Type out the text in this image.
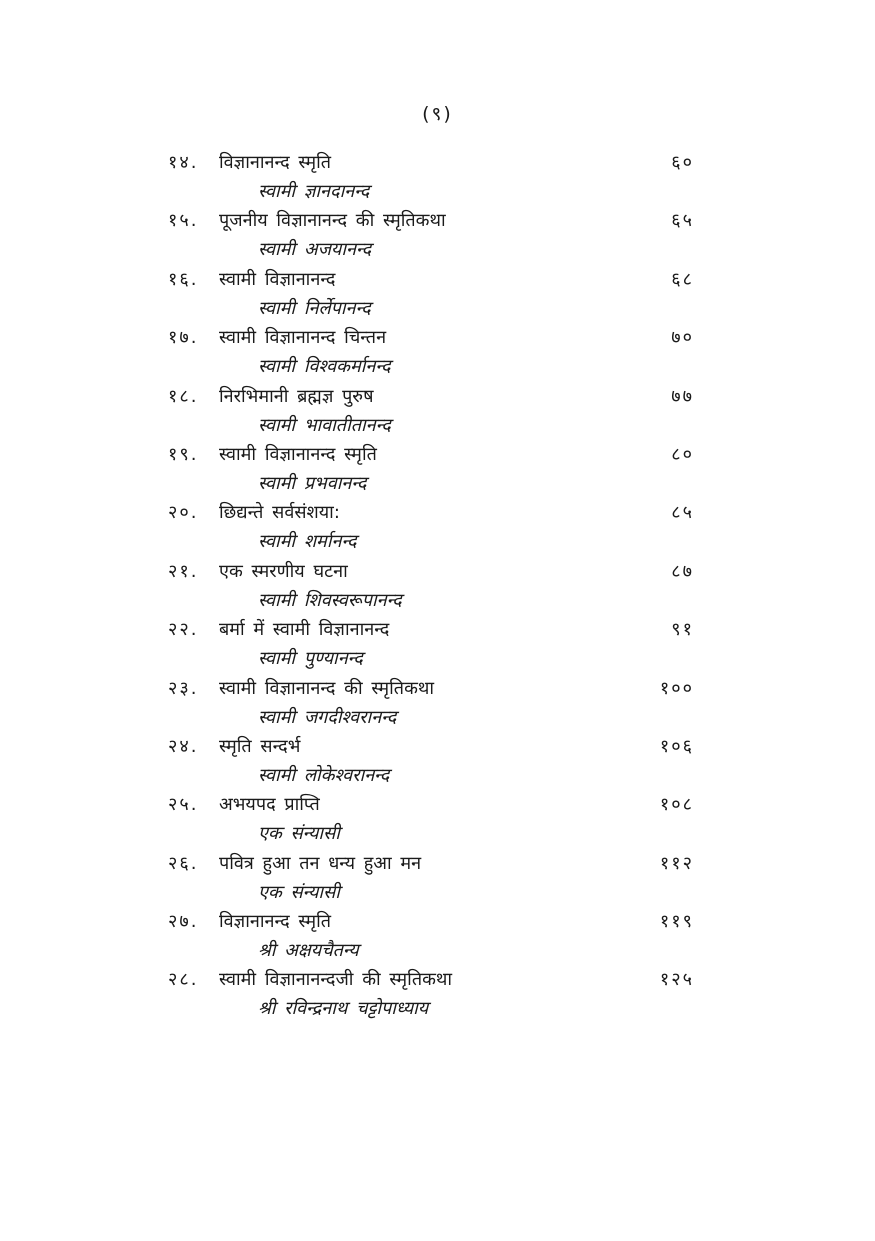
(९)
१४. विज्ञानानन्द स्मृति	६०
स्वामी ज्ञानदानन्द
१५. पूजनीय विज्ञानानन्द की स्मृतिकथा	६५
स्वामी अजयानन्द
१६. स्वामी विज्ञानानन्द	६८
स्वामी निर्लेपानन्द
१७. स्वामी विज्ञानानन्द चिन्तन	७०
स्वामी विश्वकर्मानन्द
१८. निरभिमानी ब्रह्मज्ञ पुरुष	७७
स्वामी भावातीतानन्द
१९. स्वामी विज्ञानानन्द स्मृति	८०
स्वामी प्रभवानन्द
२०. छिद्यन्ते सर्वसंशया:	८५
स्वामी शर्मानन्द
२१. एक स्मरणीय घटना	८७
स्वामी शिवस्वरूपानन्द
२२. बर्मा में स्वामी विज्ञानानन्द	९१
स्वामी पुण्यानन्द
२३. स्वामी विज्ञानानन्द की स्मृतिकथा	१००
स्वामी जगदीश्वरानन्द
२४. स्मृति सन्दर्भ	१०६
स्वामी लोकेश्वरानन्द
२५. अभयपद प्राप्ति	१०८
एक संन्यासी
२६. पवित्र हुआ तन धन्य हुआ मन	११२
एक संन्यासी
२७. विज्ञानानन्द स्मृति	११९
श्री अक्षयचैतन्य
२८. स्वामी विज्ञानानन्दजी की स्मृतिकथा	१२५
श्री रविन्द्रनाथ चट्टोपाध्याय
